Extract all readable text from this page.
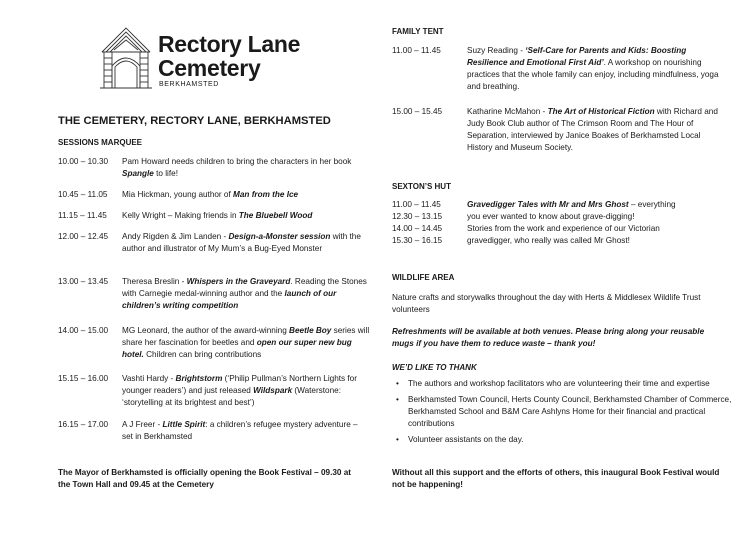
Rectory Lane
Cemetery
BERKHAMSTED
THE CEMETERY, RECTORY LANE, BERKHAMSTED
SESSIONS MARQUEE
10.00 – 10.30	Pam Howard needs children to bring the characters in her book Spangle to life!
10.45 – 11.05	Mia Hickman, young author of Man from the Ice
11.15 – 11.45	Kelly Wright – Making friends in The Bluebell Wood
12.00 – 12.45	Andy Rigden & Jim Landen - Design-a-Monster session with the author and illustrator of My Mum’s a Bug-Eyed Monster
13.00 – 13.45	Theresa Breslin - Whispers in the Graveyard. Reading the Stones with Carnegie medal-winning author and the launch of our children’s writing competition
14.00 – 15.00	MG Leonard, the author of the award-winning Beetle Boy series will share her fascination for beetles and open our super new bug hotel. Children can bring contributions
15.15 – 16.00	Vashti Hardy - Brightstorm (‘Philip Pullman’s Northern Lights for younger readers’) and just released Wildspark (Waterstone: ‘storytelling at its brightest and best’)
16.15 – 17.00	A J Freer - Little Spirit: a children’s refugee mystery adventure – set in Berkhamsted
The Mayor of Berkhamsted is officially opening the Book Festival – 09.30 at the Town Hall and 09.45 at the Cemetery
FAMILY TENT
11.00 – 11.45	Suzy Reading - ‘Self-Care for Parents and Kids: Boosting Resilience and Emotional First Aid’. A workshop on nourishing practices that the whole family can enjoy, including mindfulness, yoga and breathing.
15.00 – 15.45	Katharine McMahon - The Art of Historical Fiction with Richard and Judy Book Club author of The Crimson Room and The Hour of Separation, interviewed by Janice Boakes of Berkhamsted Local History and Museum Society.
SEXTON’S HUT
11.00 – 11.45	Gravedigger Tales with Mr and Mrs Ghost – everything
12.30 – 13.15	you ever wanted to know about grave-digging!
14.00 – 14.45	Stories from the work and experience of our Victorian
15.30 – 16.15	gravedigger, who really was called Mr Ghost!
WILDLIFE AREA
Nature crafts and storywalks throughout the day with Herts & Middlesex Wildlife Trust volunteers
Refreshments will be available at both venues. Please bring along your reusable mugs if you have them to reduce waste – thank you!
WE’D LIKE TO THANK
• The authors and workshop facilitators who are volunteering their time and expertise
• Berkhamsted Town Council, Herts County Council, Berkhamsted Chamber of Commerce, Berkhamsted School and B&M Care Ashlyns Home for their financial and practical contributions
• Volunteer assistants on the day.
Without all this support and the efforts of others, this inaugural Book Festival would not be happening!
